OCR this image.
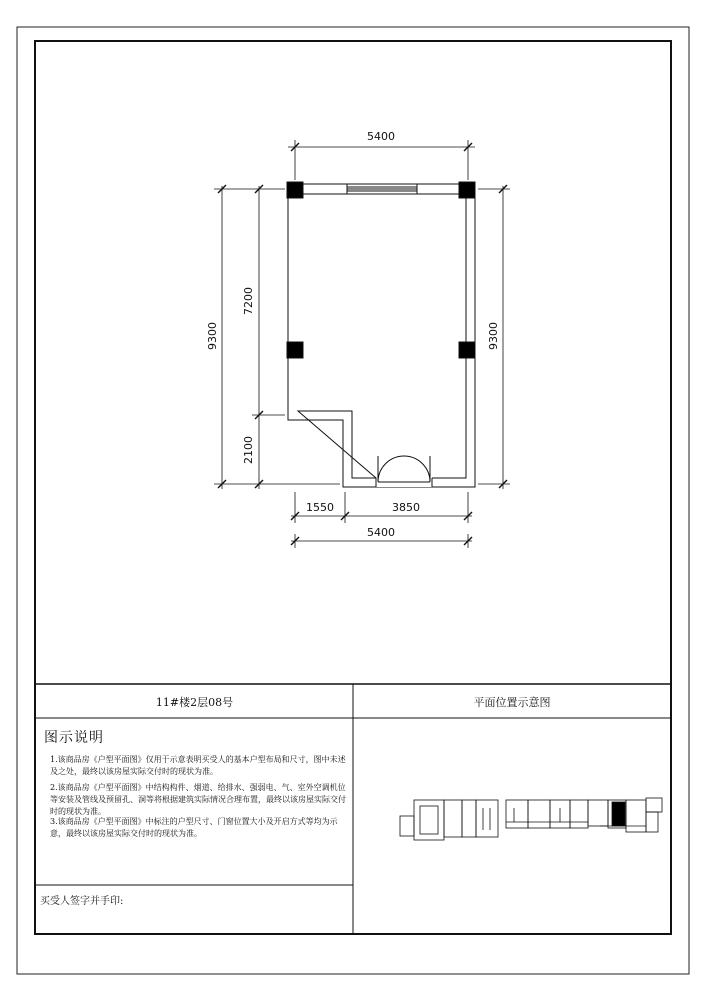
5400
9300
7200
2100
9300
1550	3850
5400
11#楼2层08号	平面位置示意图
图示说明
1.该商品房《户型平面图》仅用于示意表明买受人的基本户型布局和尺寸，图中未述及之处，最终以该房屋实际交付时的现状为准。
2.该商品房《户型平面图》中结构构件、烟道、给排水、强弱电、气、室外空调机位等安装及管线及预留孔、洞等将根据建筑实际情况合理布置，最终以该房屋实际交付时的现状为准。
3.该商品房《户型平面图》中标注的户型尺寸、门窗位置大小及开启方式等均为示意，最终以该房屋实际交付时的现状为准。
买受人签字并手印:
